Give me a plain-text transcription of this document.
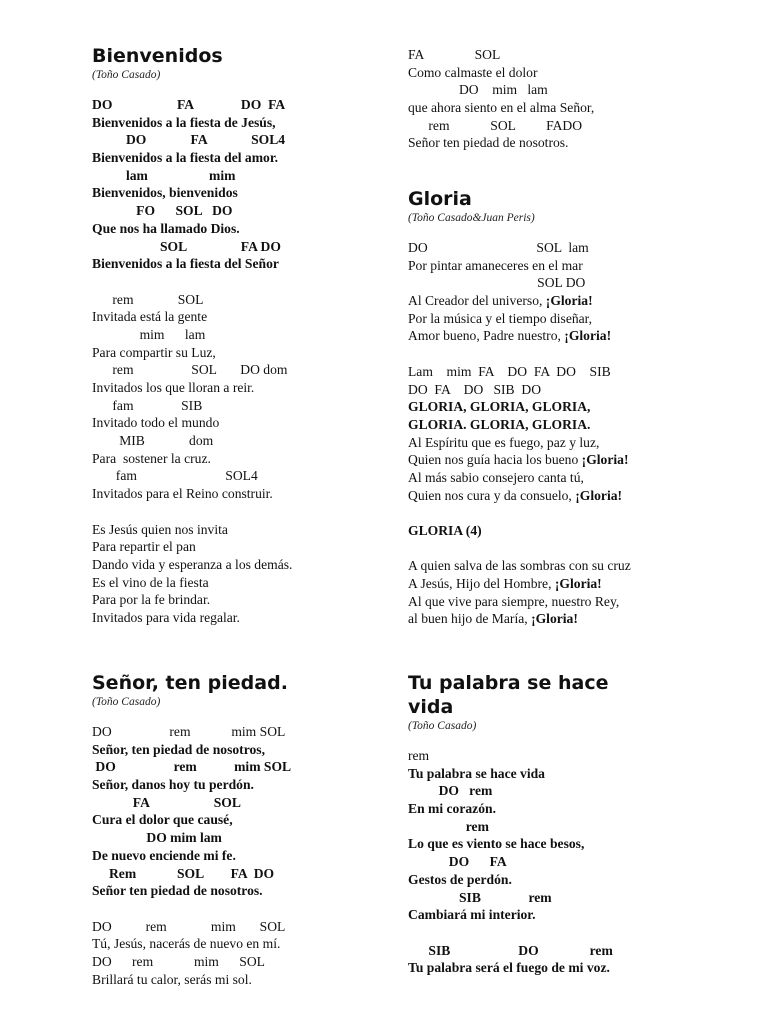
Bienvenidos
(Toño Casado)
DO                   FA              DO  FA
Bienvenidos a la fiesta de Jesús,
DO             FA             SOL4
Bienvenidos a la fiesta del amor.
lam                  mim
Bienvenidos, bienvenidos
FO      SOL   DO
Que nos ha llamado Dios.
SOL                FA DO
Bienvenidos a la fiesta del Señor
rem             SOL
Invitada está la gente
mim      lam
Para compartir su Luz,
rem                 SOL       DO dom
Invitados los que lloran a reir.
fam              SIB
Invitado todo el mundo
MIB             dom
Para  sostener la cruz.
fam                          SOL4
Invitados para el Reino construir.
Es Jesús quien nos invita
Para repartir el pan
Dando vida y esperanza a los demás.
Es el vino de la fiesta
Para por la fe brindar.
Invitados para vida regalar.
Señor, ten piedad.
(Toño Casado)
DO                 rem            mim SOL
Señor, ten piedad de nosotros,
DO                 rem           mim SOL
Señor, danos hoy tu perdón.
FA                   SOL
Cura el dolor que causé,
DO mim lam
De nuevo enciende mi fe.
Rem            SOL        FA  DO
Señor ten piedad de nosotros.
DO          rem             mim       SOL
Tú, Jesús, nacerás de nuevo en mí.
DO      rem            mim      SOL
Brillará tu calor, serás mi sol.
FA               SOL
Como calmaste el dolor
DO    mim   lam
que ahora siento en el alma Señor,
rem            SOL         FADO
Señor ten piedad de nosotros.
Gloria
(Toño Casado&Juan Peris)
DO                                SOL  lam
Por pintar amaneceres en el mar
SOL DO
Al Creador del universo, ¡Gloria!
Por la música y el tiempo diseñar,
Amor bueno, Padre nuestro, ¡Gloria!
Lam    mim  FA    DO  FA  DO    SIB
DO  FA    DO   SIB  DO
GLORIA, GLORIA, GLORIA,
GLORIA. GLORIA, GLORIA.
Al Espíritu que es fuego, paz y luz,
Quien nos guía hacia los bueno ¡Gloria!
Al más sabio consejero canta tú,
Quien nos cura y da consuelo, ¡Gloria!
GLORIA (4)
A quien salva de las sombras con su cruz
A Jesús, Hijo del Hombre, ¡Gloria!
Al que vive para siempre, nuestro Rey,
al buen hijo de María, ¡Gloria!
Tu palabra se hace
vida
(Toño Casado)
rem
Tu palabra se hace vida
DO   rem
En mi corazón.
rem
Lo que es viento se hace besos,
DO      FA
Gestos de perdón.
SIB              rem
Cambiará mi interior.
SIB                    DO               rem
Tu palabra será el fuego de mi voz.
